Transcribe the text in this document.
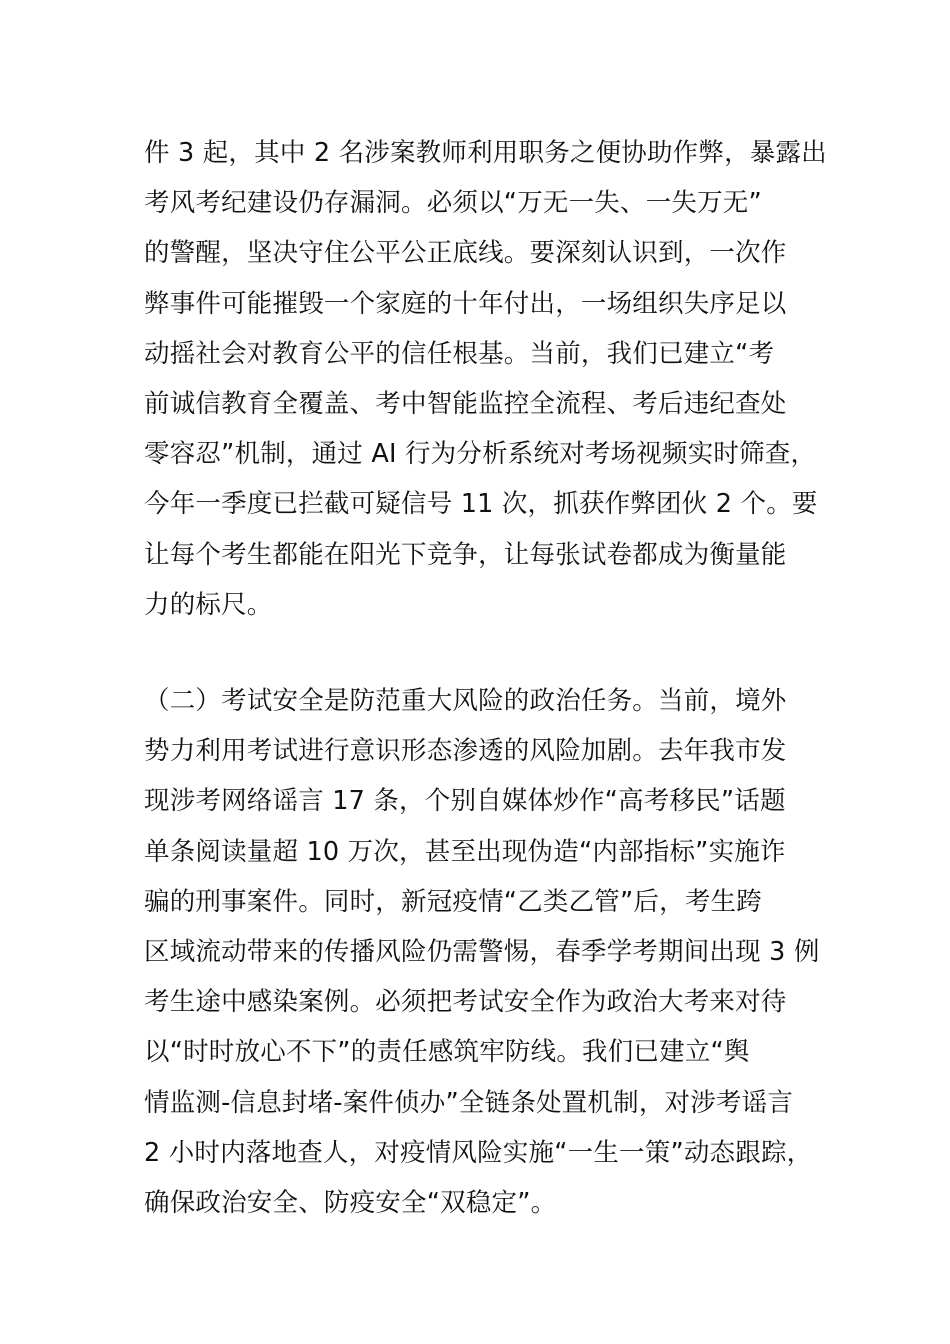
件 3 起，其中 2 名涉案教师利用职务之便协助作弊，暴露出
考风考纪建设仍存漏洞。必须以“万无一失、一失万无”
的警醒，坚决守住公平公正底线。要深刻认识到，一次作
弊事件可能摧毁一个家庭的十年付出，一场组织失序足以
动摇社会对教育公平的信任根基。当前，我们已建立“考
前诚信教育全覆盖、考中智能监控全流程、考后违纪查处
零容忍”机制，通过 AI 行为分析系统对考场视频实时筛查，
今年一季度已拦截可疑信号 11 次，抓获作弊团伙 2 个。要
让每个考生都能在阳光下竞争，让每张试卷都成为衡量能
力的标尺。
（二）考试安全是防范重大风险的政治任务。当前，境外
势力利用考试进行意识形态渗透的风险加剧。去年我市发
现涉考网络谣言 17 条，个别自媒体炒作“高考移民”话题
单条阅读量超 10 万次，甚至出现伪造“内部指标”实施诈
骗的刑事案件。同时，新冠疫情“乙类乙管”后，考生跨
区域流动带来的传播风险仍需警惕，春季学考期间出现 3 例
考生途中感染案例。必须把考试安全作为政治大考来对待
以“时时放心不下”的责任感筑牢防线。我们已建立“舆
情监测-信息封堵-案件侦办”全链条处置机制，对涉考谣言
2 小时内落地查人，对疫情风险实施“一生一策”动态跟踪，
确保政治安全、防疫安全“双稳定”。
